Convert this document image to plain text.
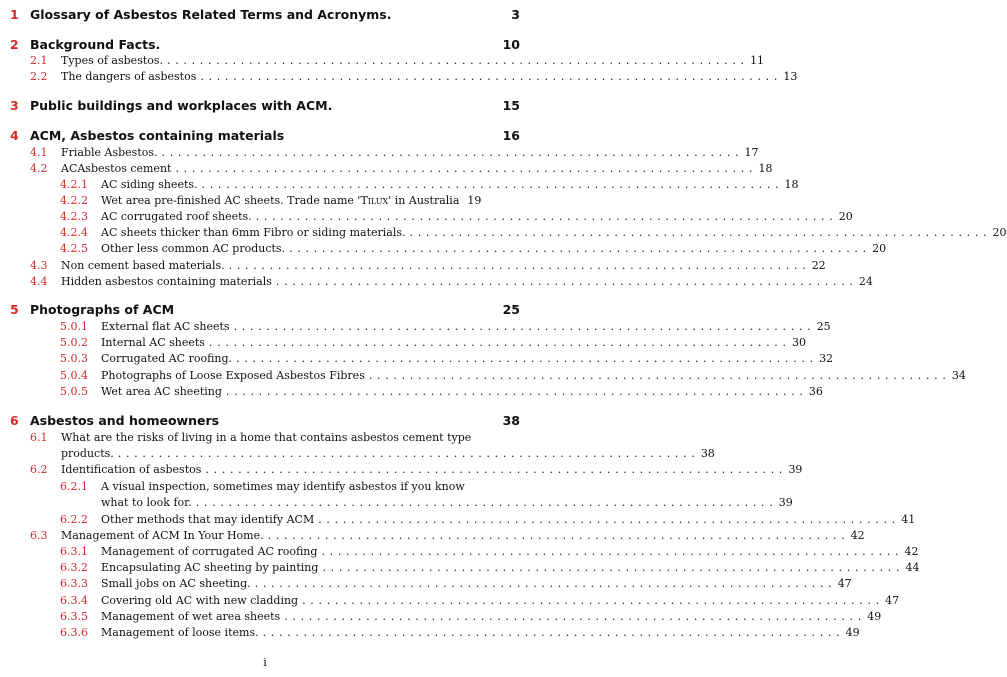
1 Glossary of Asbestos Related Terms and Acronyms.	3
2 Background Facts.	10
2.1 Types of asbestos. . . .	11
2.2 The dangers of asbestos . . .	13
3 Public buildings and workplaces with ACM.	15
4 ACM, Asbestos containing materials	16
4.1 Friable Asbestos. . . .	17
4.2 ACAsbestos cement . . .	18
4.2.1 AC siding sheets. . . .	18
4.2.2 Wet area pre-finished AC sheets. Trade name 'Tilux' in Australia 19
4.2.3 AC corrugated roof sheets. . . .	20
4.2.4 AC sheets thicker than 6mm Fibro or siding materials. . . .	20
4.2.5 Other less common AC products. . . .	20
4.3 Non cement based materials. . . .	22
4.4 Hidden asbestos containing materials . . .	24
5 Photographs of ACM	25
5.0.1 External flat AC sheets . . .	25
5.0.2 Internal AC sheets . . .	30
5.0.3 Corrugated AC roofing. . . .	32
5.0.4 Photographs of Loose Exposed Asbestos Fibres . . .	34
5.0.5 Wet area AC sheeting . . .	36
6 Asbestos and homeowners	38
6.1 What are the risks of living in a home that contains asbestos cement type
products. . . .	38
6.2 Identification of asbestos . . .	39
6.2.1 A visual inspection, sometimes may identify asbestos if you know
what to look for. . . .	39
6.2.2 Other methods that may identify ACM . . .	41
6.3 Management of ACM In Your Home. . . .	42
6.3.1 Management of corrugated AC roofing . . .	42
6.3.2 Encapsulating AC sheeting by painting . . .	44
6.3.3 Small jobs on AC sheeting. . . .	47
6.3.4 Covering old AC with new cladding . . .	47
6.3.5 Management of wet area sheets . . .	49
6.3.6 Management of loose items. . . .	49
i
